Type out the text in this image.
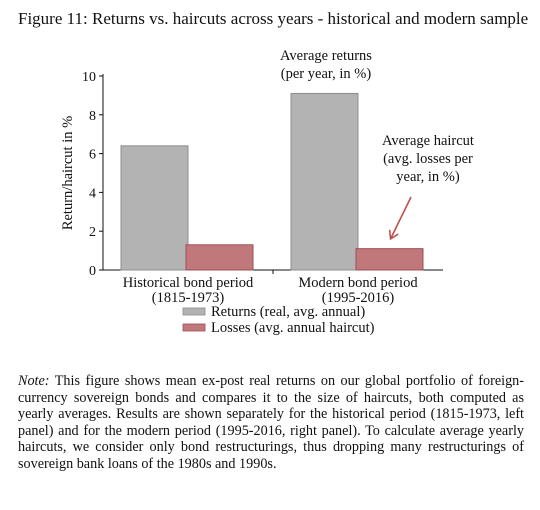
Figure 11: Returns vs. haircuts across years - historical and modern sample
0
2
4
6
8
10
Return/haircut in %
Historical bond period
(1815-1973)
Modern bond period
(1995-2016)
Average returns
(per year, in %)
Average haircut
(avg. losses per
year, in %)
Returns (real, avg. annual)
Losses (avg. annual haircut)
Note: This figure shows mean ex-post real returns on our global portfolio of foreign-currency sovereign bonds and compares it to the size of haircuts, both computed as yearly averages. Results are shown separately for the historical period (1815-1973, left panel) and for the modern period (1995-2016, right panel). To calculate average yearly haircuts, we consider only bond restructurings, thus dropping many restructurings of sovereign bank loans of the 1980s and 1990s.
